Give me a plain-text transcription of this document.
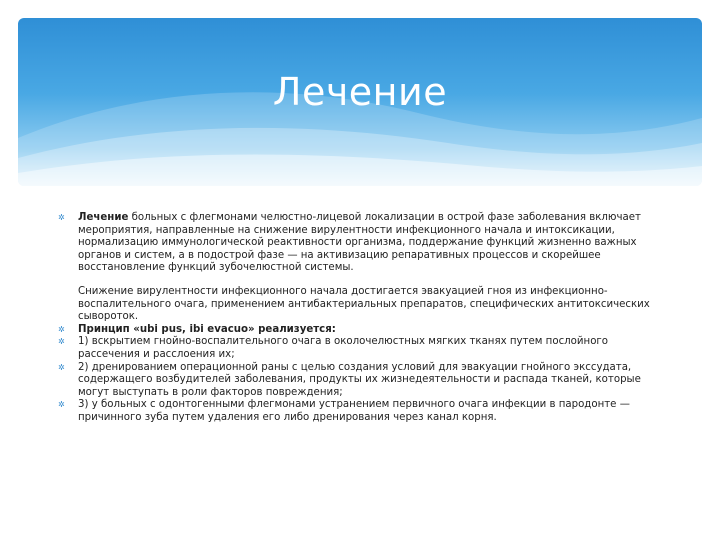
Лечение

✲ Лечение больных с флегмонами челюстно-лицевой локализации в острой фазе заболевания включает мероприятия, направленные на снижение вирулентности инфекционного начала и интоксикации, нормализацию иммунологической реактивности организма, поддержание функций жизненно важных органов и систем, а в подострой фазе — на активизацию репаративных процессов и скорейшее восстановление функций зубочелюстной системы.

Снижение вирулентности инфекционного начала достигается эвакуацией гноя из инфекционно-воспалительного очага, применением антибактериальных препаратов, специфических антитоксических сывороток.

✲ Принцип «ubi pus, ibi evacuo» реализуется:

✲ 1) вскрытием гнойно-воспалительного очага в околочелюстных мягких тканях путем послойного рассечения и расслоения их;

✲ 2) дренированием операционной раны с целью создания условий для эвакуации гнойного экссудата, содержащего возбудителей заболевания, продукты их жизнедеятельности и распада тканей, которые могут выступать в роли факторов повреждения;

✲ 3) у больных с одонтогенными флегмонами устранением первичного очага инфекции в пародонте — причинного зуба путем удаления его либо дренирования через канал корня.
